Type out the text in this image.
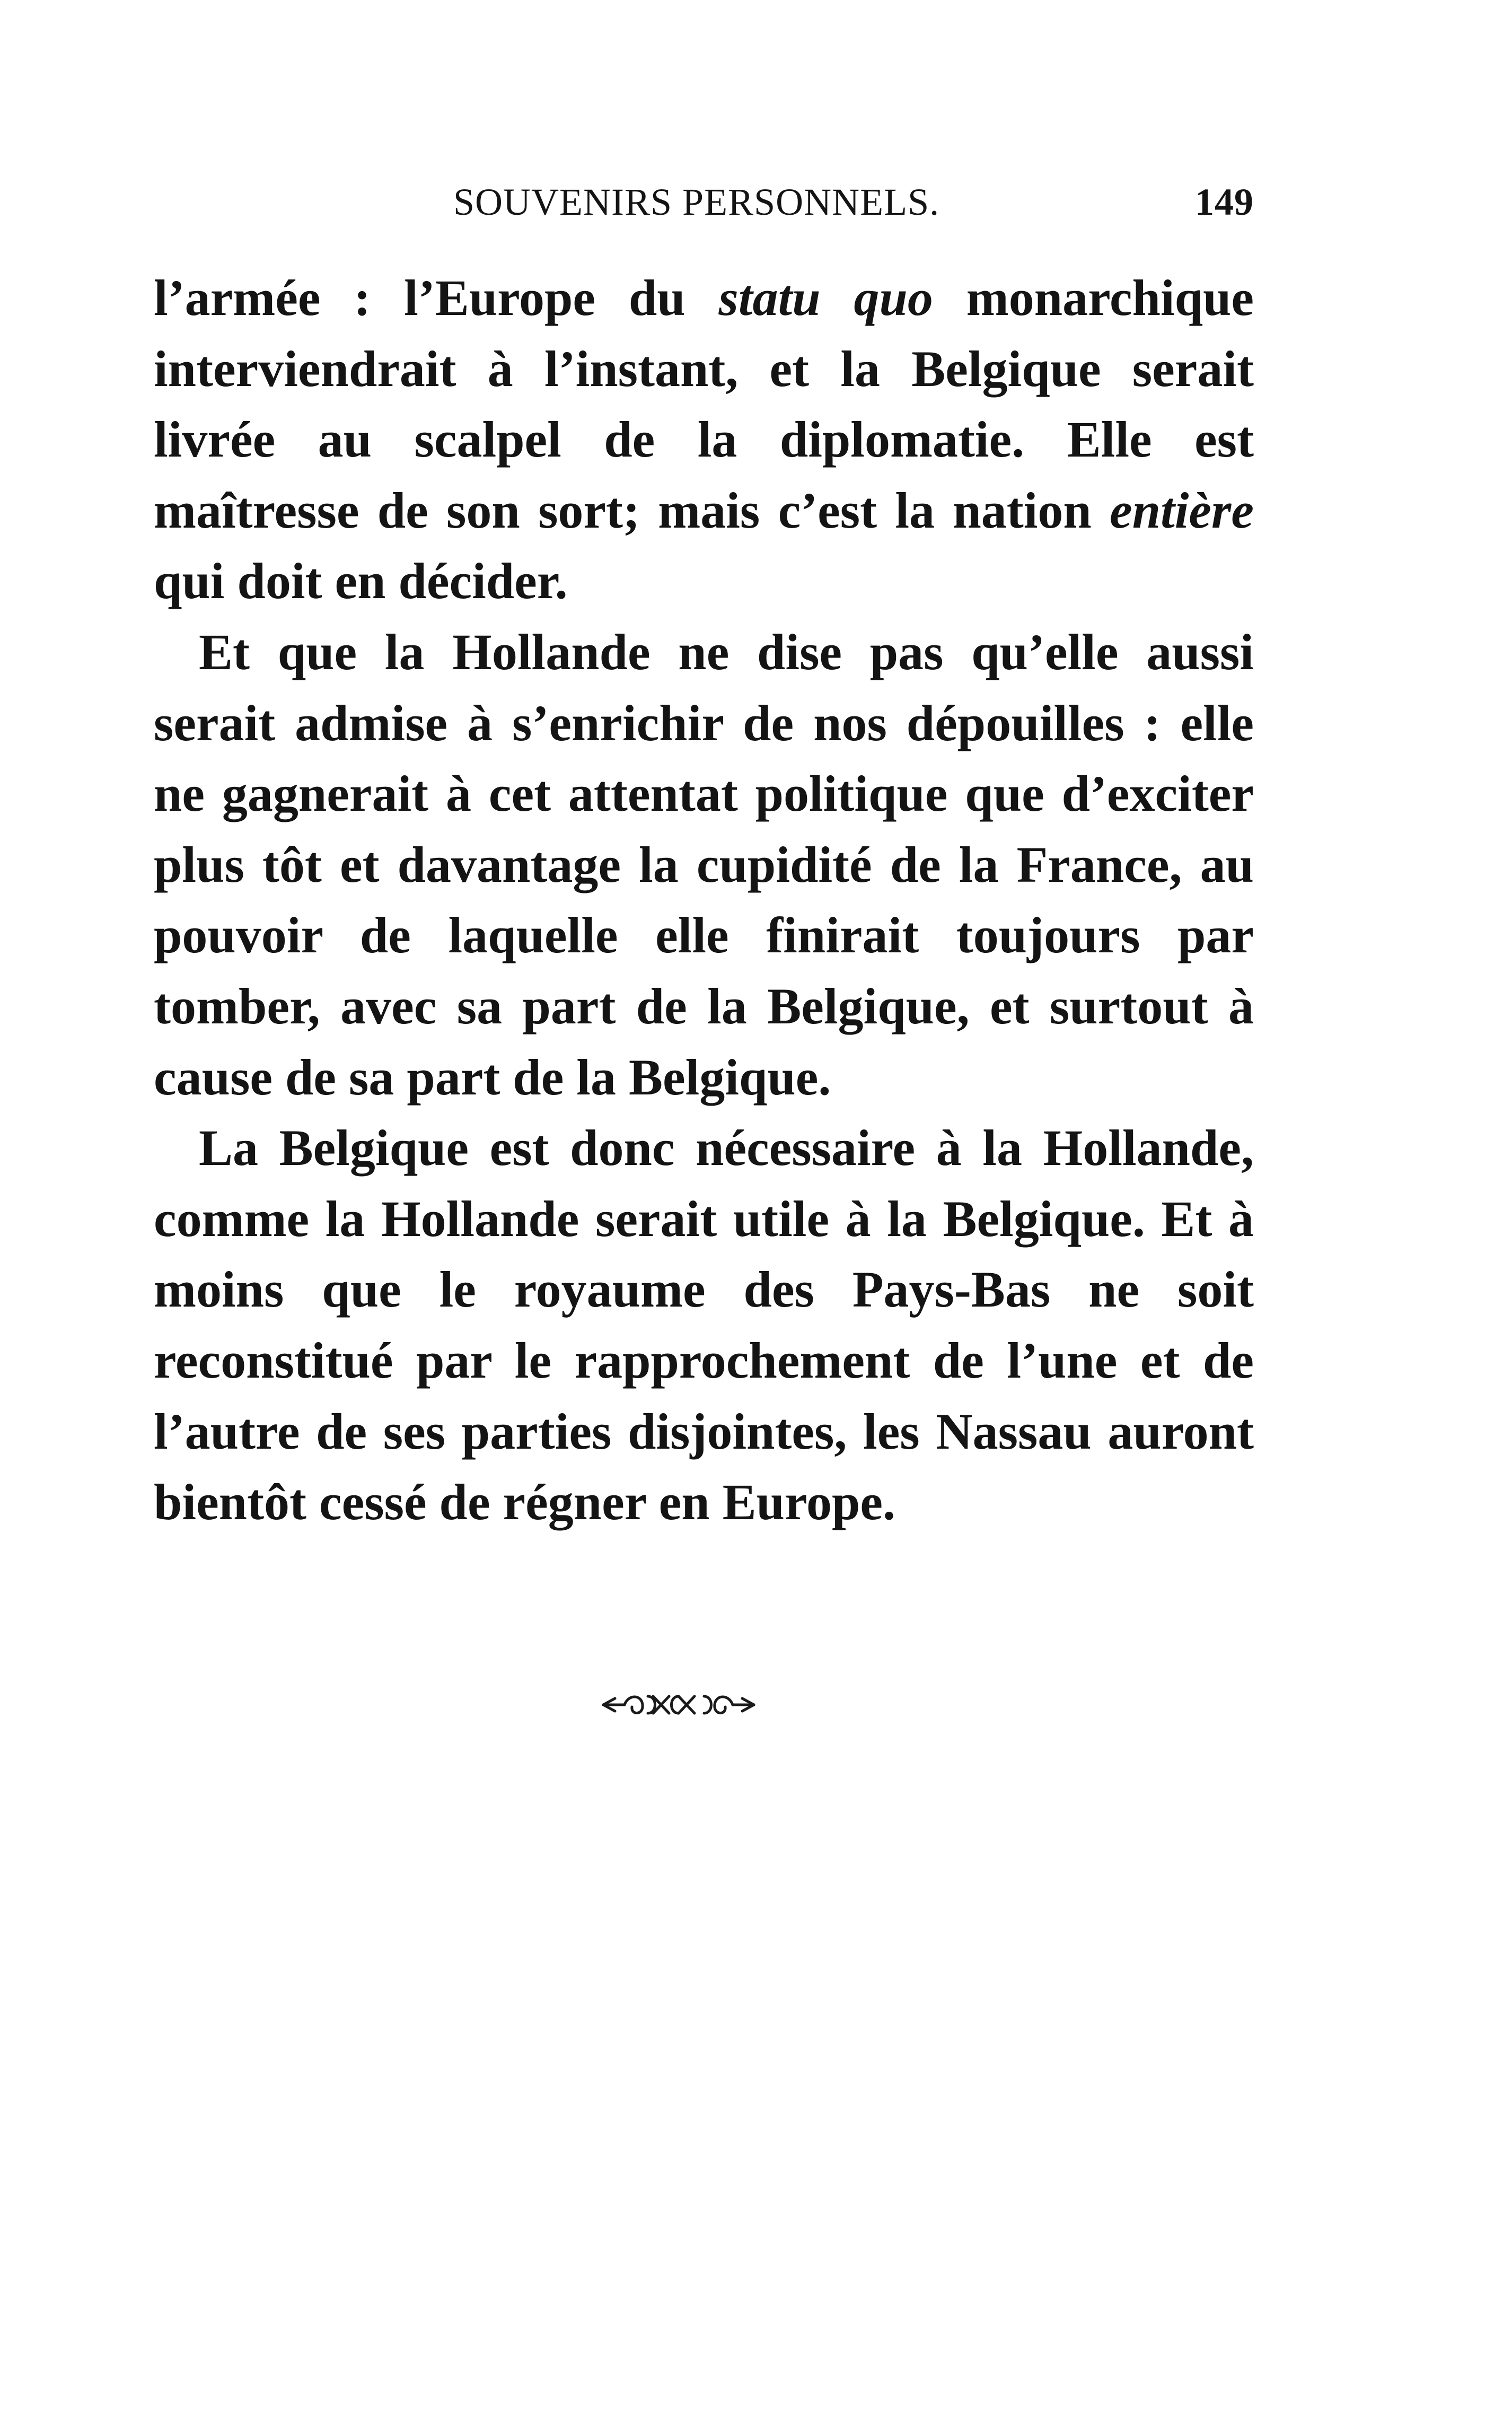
SOUVENIRS PERSONNELS.	149

l’armée : l’Europe du statu quo monarchique interviendrait à l’instant, et la Belgique serait livrée au scalpel de la diplomatie. Elle est maîtresse de son sort; mais c’est la nation entière qui doit en décider.

Et que la Hollande ne dise pas qu’elle aussi serait admise à s’enrichir de nos dépouilles : elle ne gagnerait à cet attentat politique que d’exciter plus tôt et davantage la cupidité de la France, au pouvoir de laquelle elle finirait toujours par tomber, avec sa part de la Belgique, et surtout à cause de sa part de la Belgique.

La Belgique est donc nécessaire à la Hollande, comme la Hollande serait utile à la Belgique. Et à moins que le royaume des Pays-Bas ne soit reconstitué par le rapprochement de l’une et de l’autre de ses parties disjointes, les Nassau auront bientôt cessé de régner en Europe.
